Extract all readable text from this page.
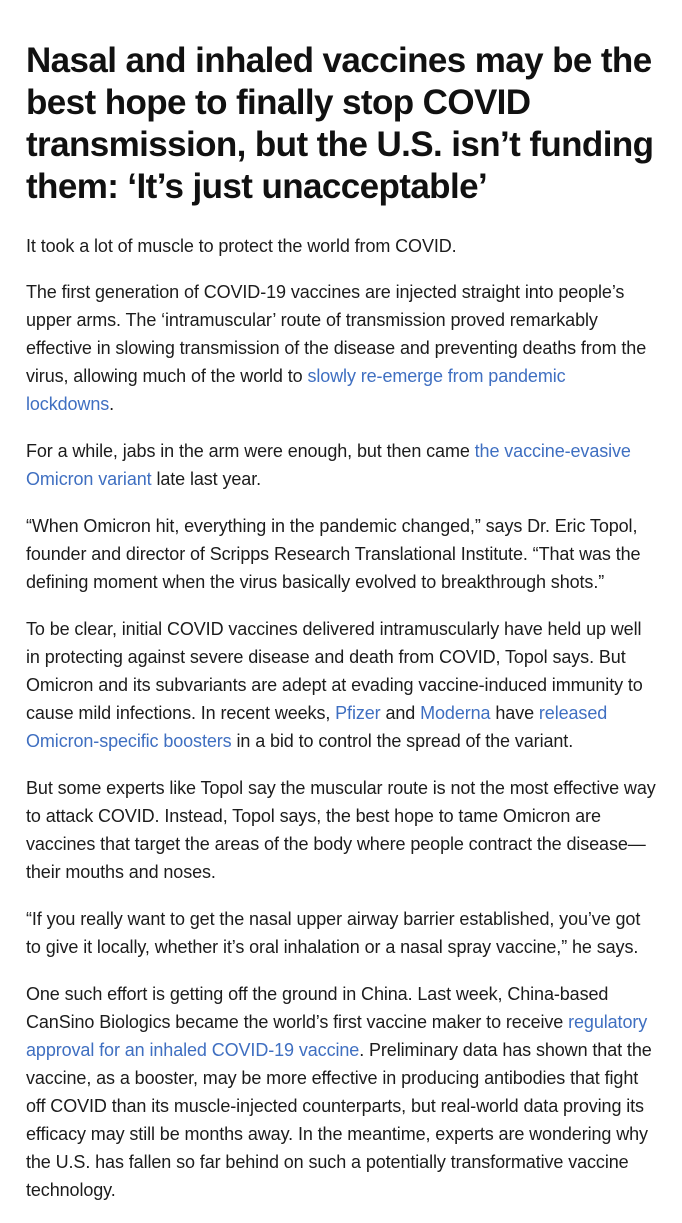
Nasal and inhaled vaccines may be the best hope to finally stop COVID transmission, but the U.S. isn’t funding them: ‘It’s just unacceptable’

It took a lot of muscle to protect the world from COVID.

The first generation of COVID-19 vaccines are injected straight into people’s upper arms. The ‘intramuscular’ route of transmission proved remarkably effective in slowing transmission of the disease and preventing deaths from the virus, allowing much of the world to slowly re-emerge from pandemic lockdowns.

For a while, jabs in the arm were enough, but then came the vaccine-evasive Omicron variant late last year.

“When Omicron hit, everything in the pandemic changed,” says Dr. Eric Topol, founder and director of Scripps Research Translational Institute. “That was the defining moment when the virus basically evolved to breakthrough shots.”

To be clear, initial COVID vaccines delivered intramuscularly have held up well in protecting against severe disease and death from COVID, Topol says. But Omicron and its subvariants are adept at evading vaccine-induced immunity to cause mild infections. In recent weeks, Pfizer and Moderna have released Omicron-specific boosters in a bid to control the spread of the variant.

But some experts like Topol say the muscular route is not the most effective way to attack COVID. Instead, Topol says, the best hope to tame Omicron are vaccines that target the areas of the body where people contract the disease—their mouths and noses.

“If you really want to get the nasal upper airway barrier established, you’ve got to give it locally, whether it’s oral inhalation or a nasal spray vaccine,” he says.

One such effort is getting off the ground in China. Last week, China-based CanSino Biologics became the world’s first vaccine maker to receive regulatory approval for an inhaled COVID-19 vaccine. Preliminary data has shown that the vaccine, as a booster, may be more effective in producing antibodies that fight off COVID than its muscle-injected counterparts, but real-world data proving its efficacy may still be months away. In the meantime, experts are wondering why the U.S. has fallen so far behind on such a potentially transformative vaccine technology.
